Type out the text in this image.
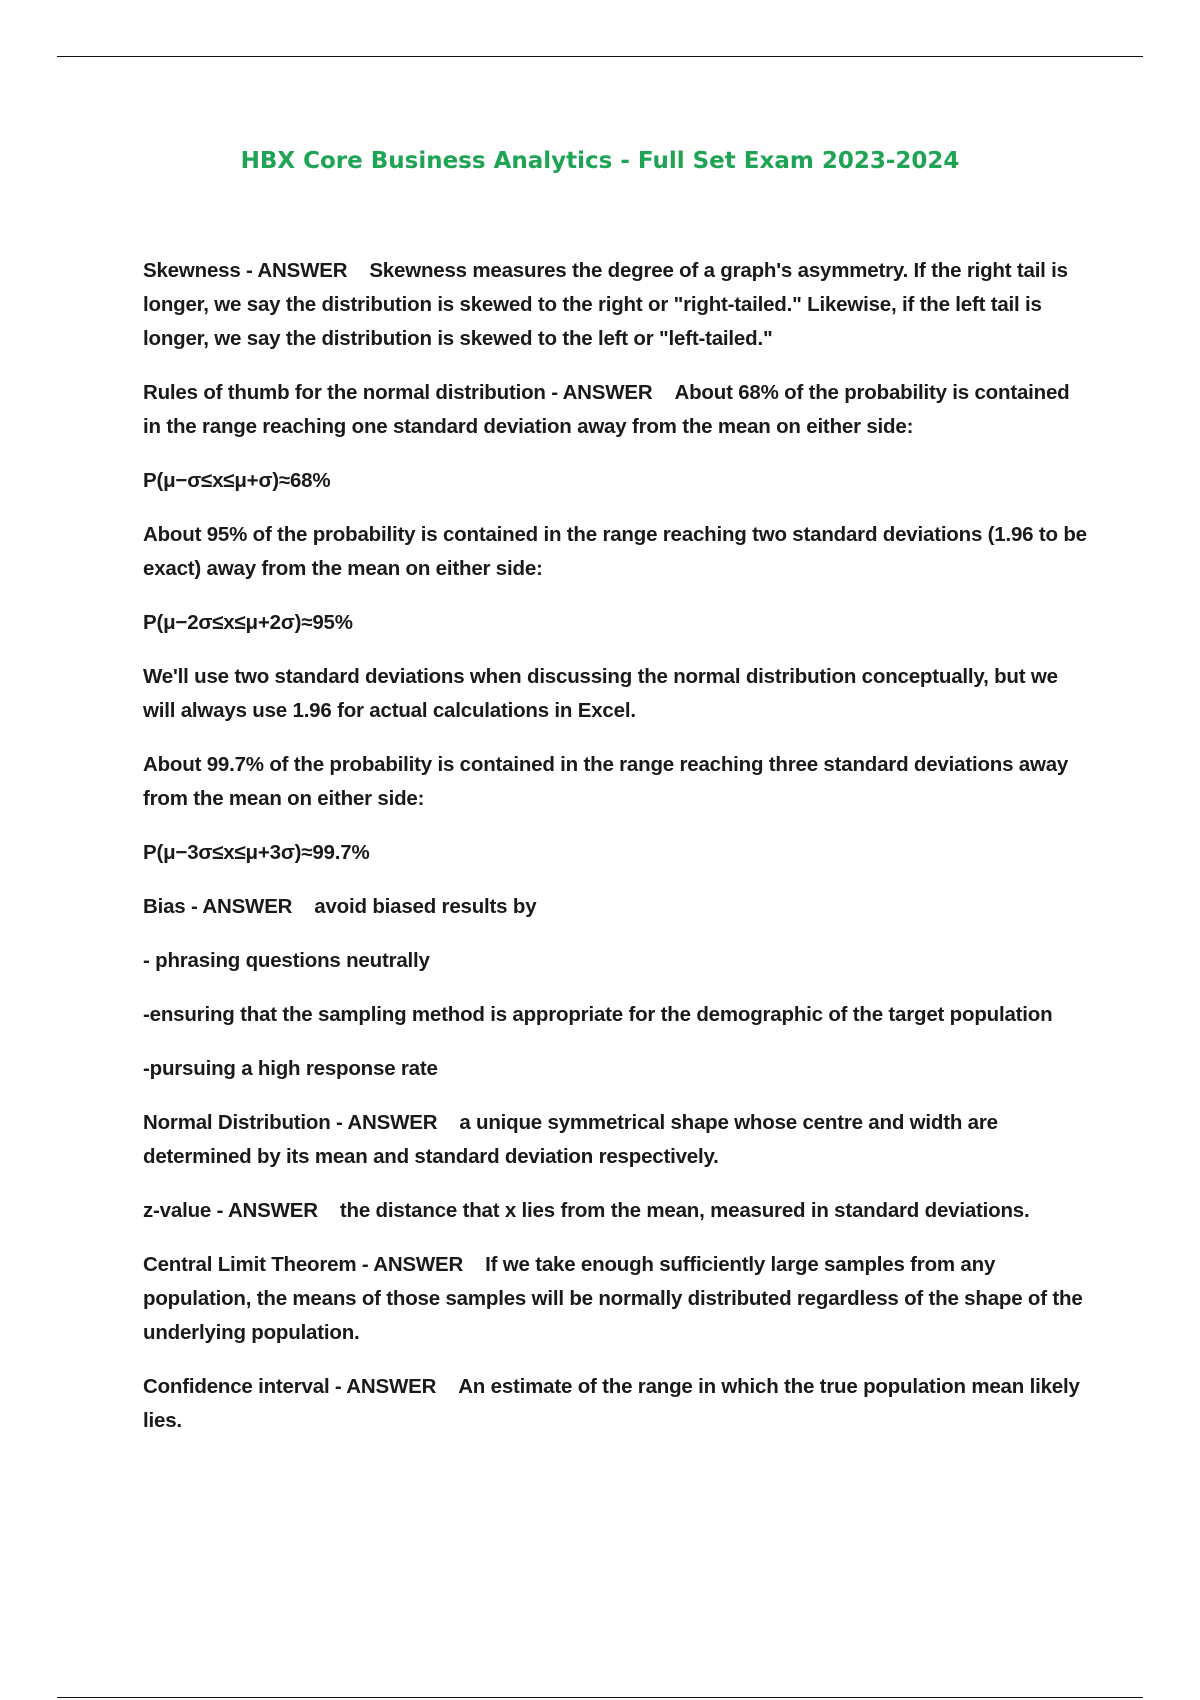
HBX Core Business Analytics - Full Set Exam 2023-2024

Skewness - ANSWER Skewness measures the degree of a graph's asymmetry. If the right tail is longer, we say the distribution is skewed to the right or "right-tailed." Likewise, if the left tail is longer, we say the distribution is skewed to the left or "left-tailed."

Rules of thumb for the normal distribution - ANSWER About 68% of the probability is contained in the range reaching one standard deviation away from the mean on either side:

P(μ−σ≤x≤μ+σ)≈68%

About 95% of the probability is contained in the range reaching two standard deviations (1.96 to be exact) away from the mean on either side:

P(μ−2σ≤x≤μ+2σ)≈95%

We'll use two standard deviations when discussing the normal distribution conceptually, but we will always use 1.96 for actual calculations in Excel.

About 99.7% of the probability is contained in the range reaching three standard deviations away from the mean on either side:

P(μ−3σ≤x≤μ+3σ)≈99.7%

Bias - ANSWER avoid biased results by

- phrasing questions neutrally

-ensuring that the sampling method is appropriate for the demographic of the target population

-pursuing a high response rate

Normal Distribution - ANSWER a unique symmetrical shape whose centre and width are determined by its mean and standard deviation respectively.

z-value - ANSWER the distance that x lies from the mean, measured in standard deviations.

Central Limit Theorem - ANSWER If we take enough sufficiently large samples from any population, the means of those samples will be normally distributed regardless of the shape of the underlying population.

Confidence interval - ANSWER An estimate of the range in which the true population mean likely lies.
